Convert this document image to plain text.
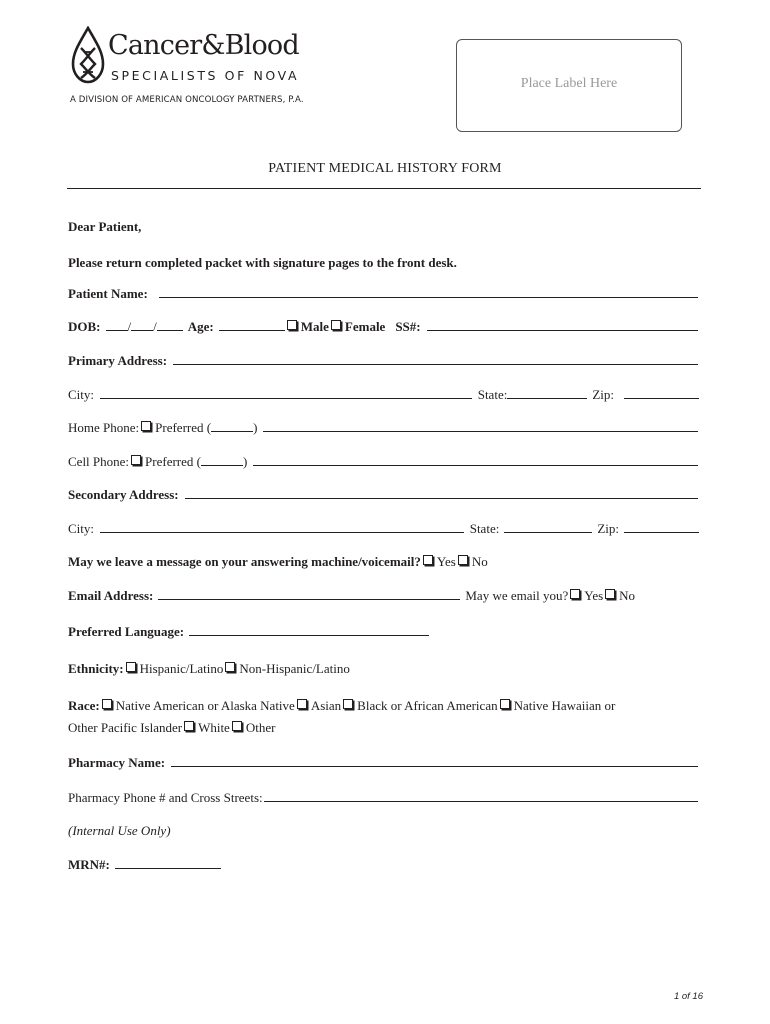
Cancer&Blood
SPECIALISTS OF NOVA
A DIVISION OF AMERICAN ONCOLOGY PARTNERS, P.A.
Place Label Here
PATIENT MEDICAL HISTORY FORM
Dear Patient,
Please return completed packet with signature pages to the front desk.
Patient Name:
DOB: / / Age:	Male Female SS#:
Primary Address:
City:	State:	Zip:
Home Phone: Preferred (	)
Cell Phone: Preferred (	)
Secondary Address:
City:	State:	Zip:
May we leave a message on your answering machine/voicemail? Yes No
Email Address:	May we email you? Yes No
Preferred Language:
Ethnicity: Hispanic/Latino Non-Hispanic/Latino
Race: Native American or Alaska Native Asian Black or African American Native Hawaiian or
Other Pacific Islander White Other
Pharmacy Name:
Pharmacy Phone # and Cross Streets:
(Internal Use Only)
MRN#:
1 of 16
